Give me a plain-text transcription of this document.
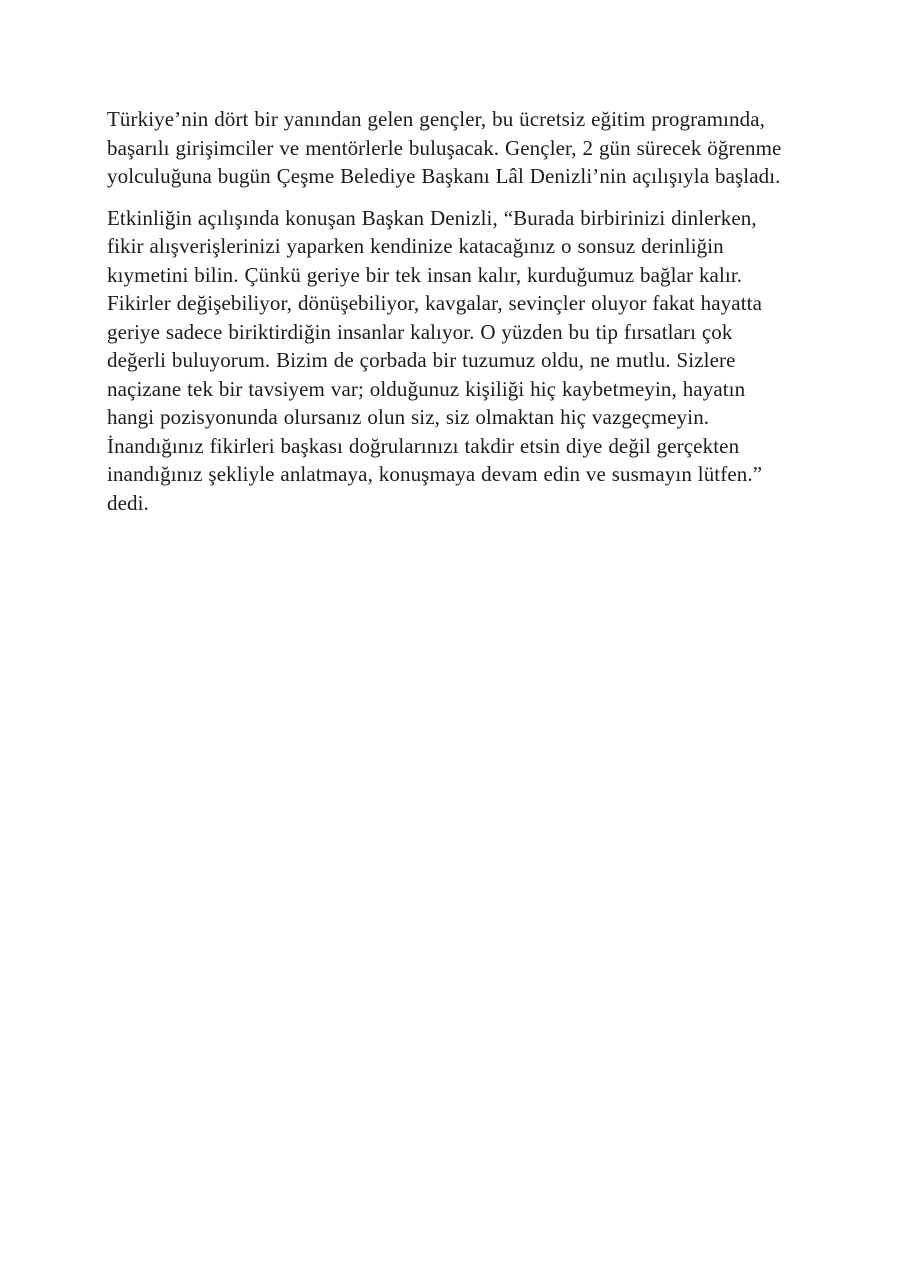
Türkiye’nin dört bir yanından gelen gençler, bu ücretsiz eğitim programında, başarılı girişimciler ve mentörlerle buluşacak. Gençler, 2 gün sürecek öğrenme yolculuğuna bugün Çeşme Belediye Başkanı Lâl Denizli’nin açılışıyla başladı.

Etkinliğin açılışında konuşan Başkan Denizli, “Burada birbirinizi dinlerken, fikir alışverişlerinizi yaparken kendinize katacağınız o sonsuz derinliğin kıymetini bilin. Çünkü geriye bir tek insan kalır, kurduğumuz bağlar kalır. Fikirler değişebiliyor, dönüşebiliyor, kavgalar, sevinçler oluyor fakat hayatta geriye sadece biriktirdiğin insanlar kalıyor. O yüzden bu tip fırsatları çok değerli buluyorum. Bizim de çorbada bir tuzumuz oldu, ne mutlu. Sizlere naçizane tek bir tavsiyem var; olduğunuz kişiliği hiç kaybetmeyin, hayatın hangi pozisyonunda olursanız olun siz, siz olmaktan hiç vazgeçmeyin. İnandığınız fikirleri başkası doğrularınızı takdir etsin diye değil gerçekten inandığınız şekliyle anlatmaya, konuşmaya devam edin ve susmayın lütfen.” dedi.
